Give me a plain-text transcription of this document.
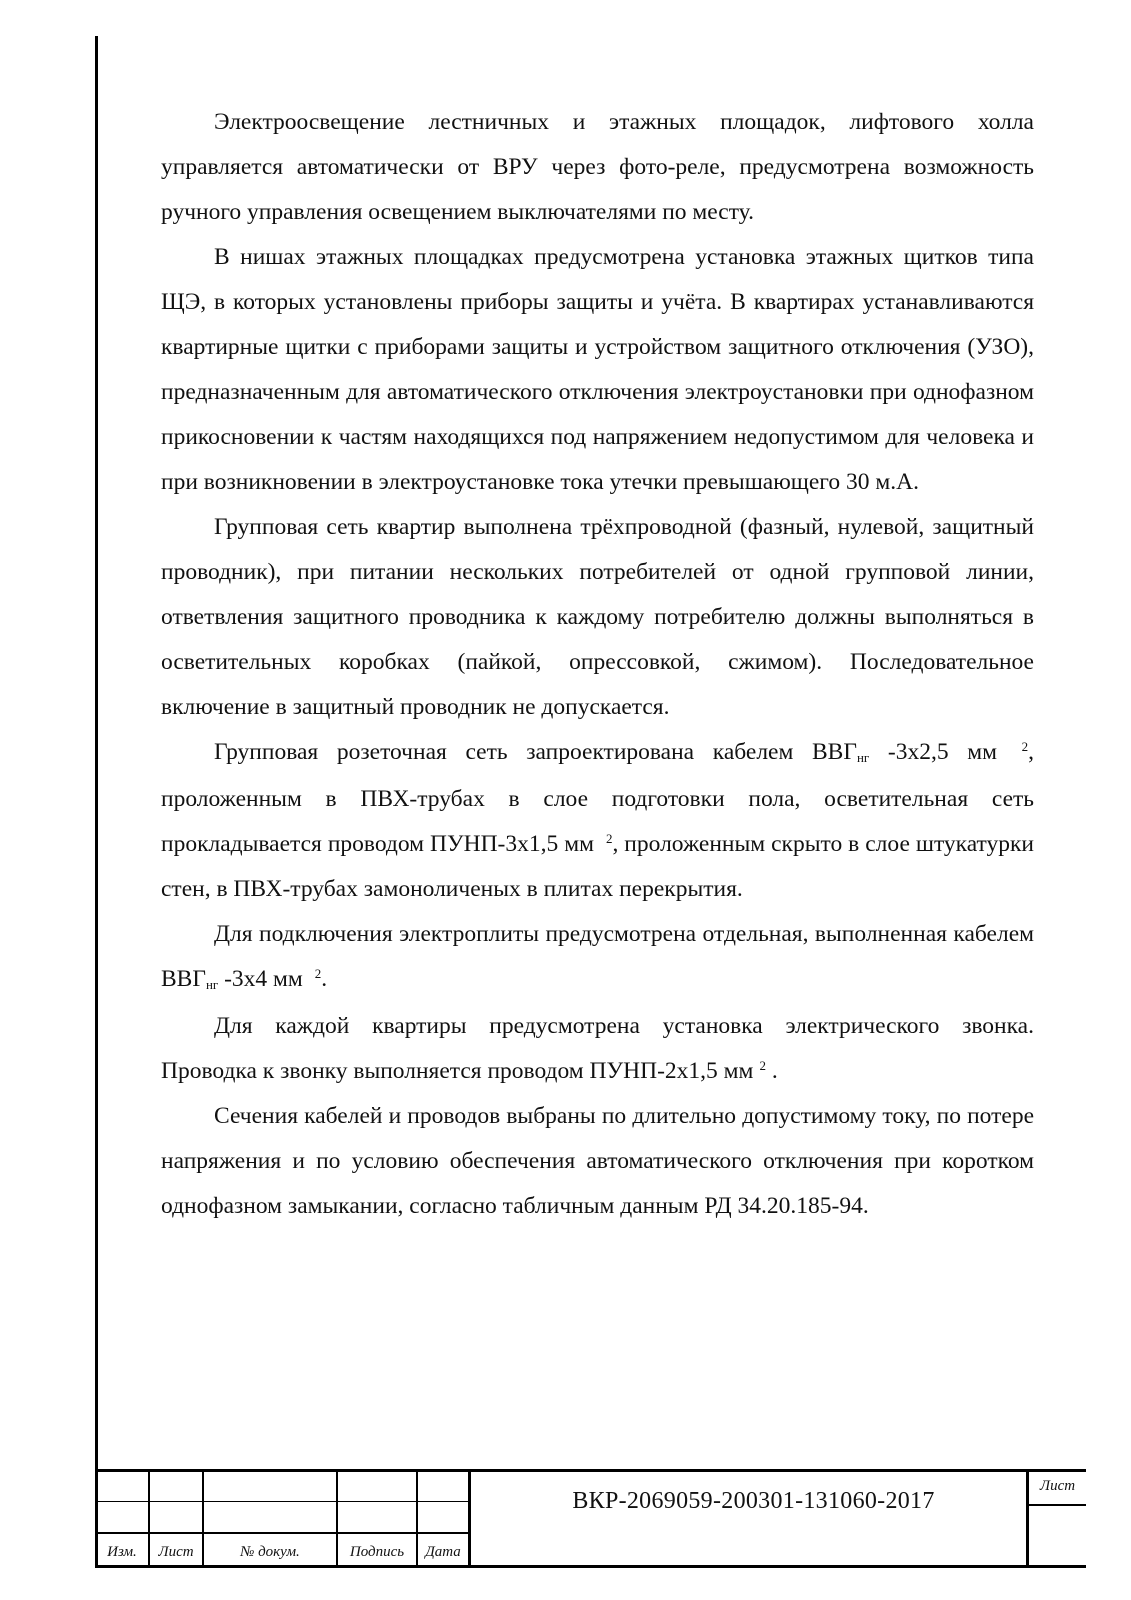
Электроосвещение лестничных и этажных площадок, лифтового холла управляется автоматически от ВРУ через фото-реле, предусмотрена возможность ручного управления освещением выключателями по месту.

В нишах этажных площадках предусмотрена установка этажных щитков типа ЩЭ, в которых установлены приборы защиты и учёта. В квартирах устанавливаются квартирные щитки с приборами защиты и устройством защитного отключения (УЗО), предназначенным для автоматического отключения электроустановки при однофазном прикосновении к частям находящихся под напряжением недопустимом для человека и при возникновении в электроустановке тока утечки превышающего 30 м.А.

Групповая сеть квартир выполнена трёхпроводной (фазный, нулевой, защитный проводник), при питании нескольких потребителей от одной групповой линии, ответвления защитного проводника к каждому потребителю должны выполняться в осветительных коробках (пайкой, опрессовкой, сжимом). Последовательное включение в защитный проводник не допускается.

Групповая розеточная сеть запроектирована кабелем $ВВГ_{нг}$ -3х2,5 мм $^2$, проложенным в ПВХ-трубах в слое подготовки пола, осветительная сеть прокладывается проводом ПУНП-3х1,5 мм $^2$, проложенным скрыто в слое штукатурки стен, в ПВХ-трубах замоноличеных в плитах перекрытия.

Для подключения электроплиты предусмотрена отдельная, выполненная кабелем $ВВГ_{нг}$ -3х4 мм $^2$.

Для каждой квартиры предусмотрена установка электрического звонка. Проводка к звонку выполняется проводом ПУНП-2х1,5 мм $^2$ .

Сечения кабелей и проводов выбраны по длительно допустимому току, по потере напряжения и по условию обеспечения автоматического отключения при коротком однофазном замыкании, согласно табличным данным РД 34.20.185-94.

Изм.	Лист	№ докум.	Подпись	Дата
ВКР-2069059-200301-131060-2017
Лист
